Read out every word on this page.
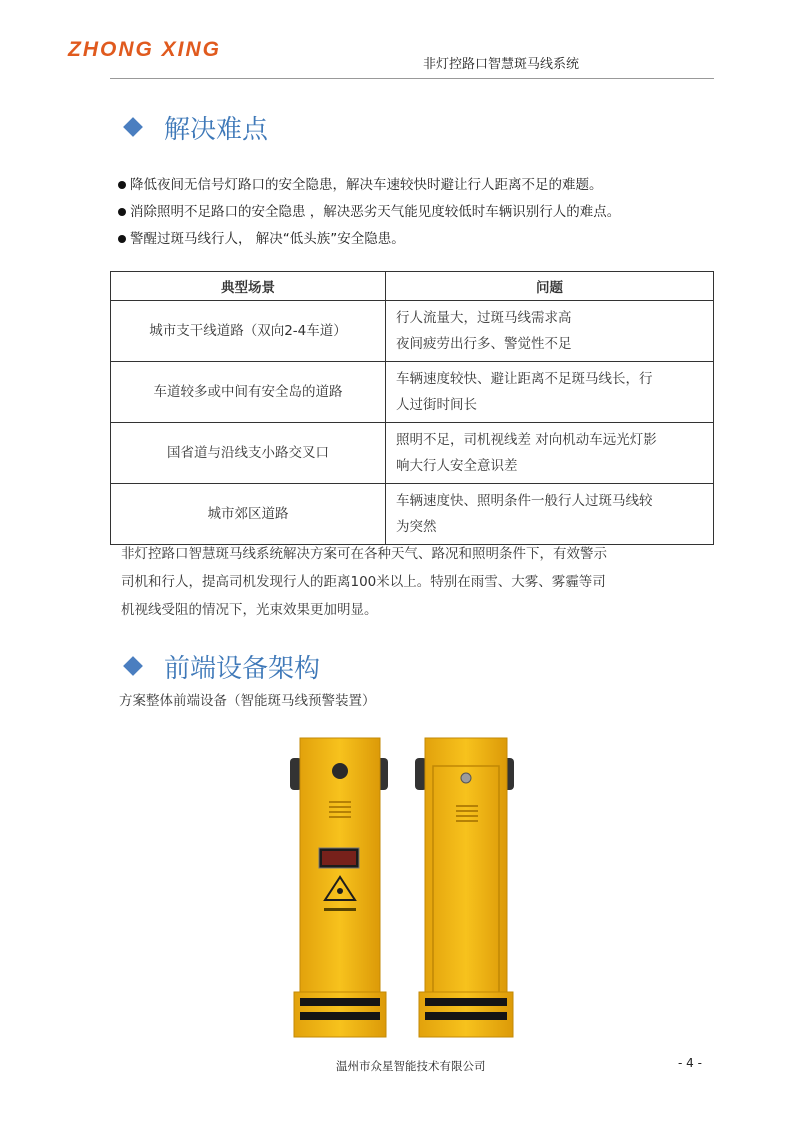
ZHONG XING
非灯控路口智慧斑马线系统
解决难点
降低夜间无信号灯路口的安全隐患，解决车速较快时避让行人距离不足的难题。
消除照明不足路口的安全隐患 ，解决恶劣天气能见度较低时车辆识别行人的难点。
警醒过斑马线行人， 解决“低头族”安全隐患。
典型场景	问题
城市支干线道路（双向2-4车道）	行人流量大，过斑马线需求高
夜间疲劳出行多、警觉性不足

车道较多或中间有安全岛的道路	车辆速度较快、避让距离不足斑马线长，行
人过街时间长

国省道与沿线支小路交叉口	照明不足，司机视线差 对向机动车远光灯影
响大行人安全意识差

城市郊区道路	车辆速度快、照明条件一般行人过斑马线较
为突然
非灯控路口智慧斑马线系统解决方案可在各种天气、路况和照明条件下，有效警示
司机和行人，提高司机发现行人的距离100米以上。特别在雨雪、大雾、雾霾等司
机视线受阻的情况下，光束效果更加明显。
前端设备架构
方案整体前端设备（智能斑马线预警装置）
温州市众星智能技术有限公司	- 4 -
